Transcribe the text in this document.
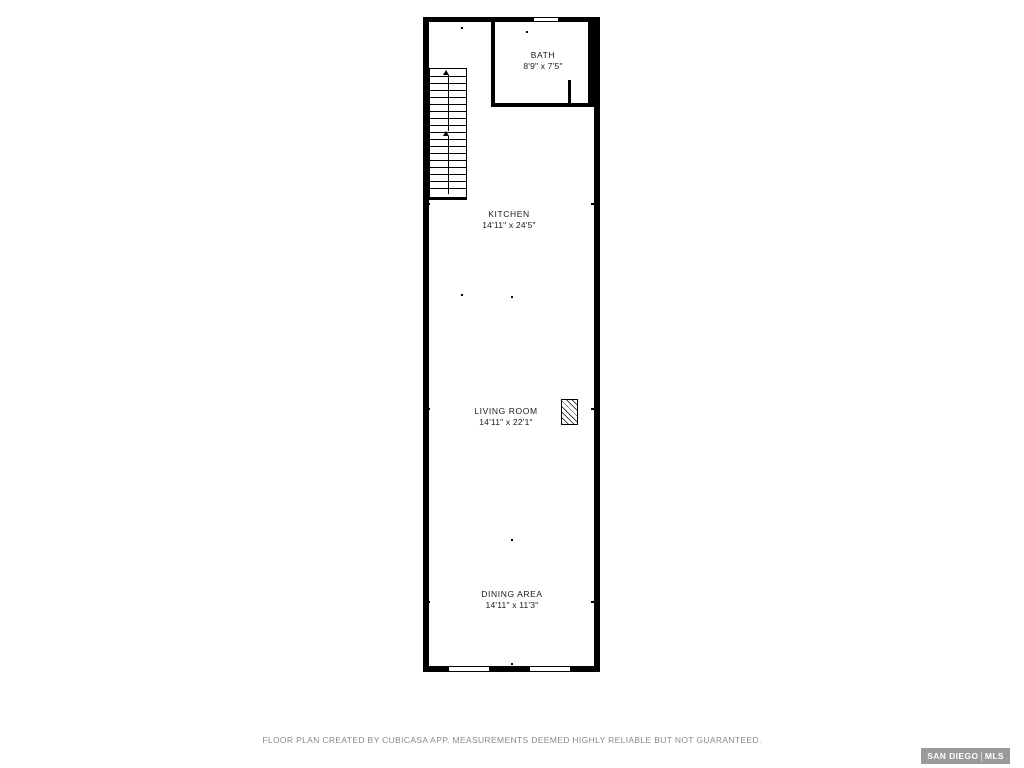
BATH
8'9" x 7'5"
KITCHEN
14'11" x 24'5"
LIVING ROOM
14'11" x 22'1"
DINING AREA
14'11" x 11'3"
FLOOR PLAN CREATED BY CUBICASA APP. MEASUREMENTS DEEMED HIGHLY RELIABLE BUT NOT GUARANTEED.
SAN DIEGO | MLS
